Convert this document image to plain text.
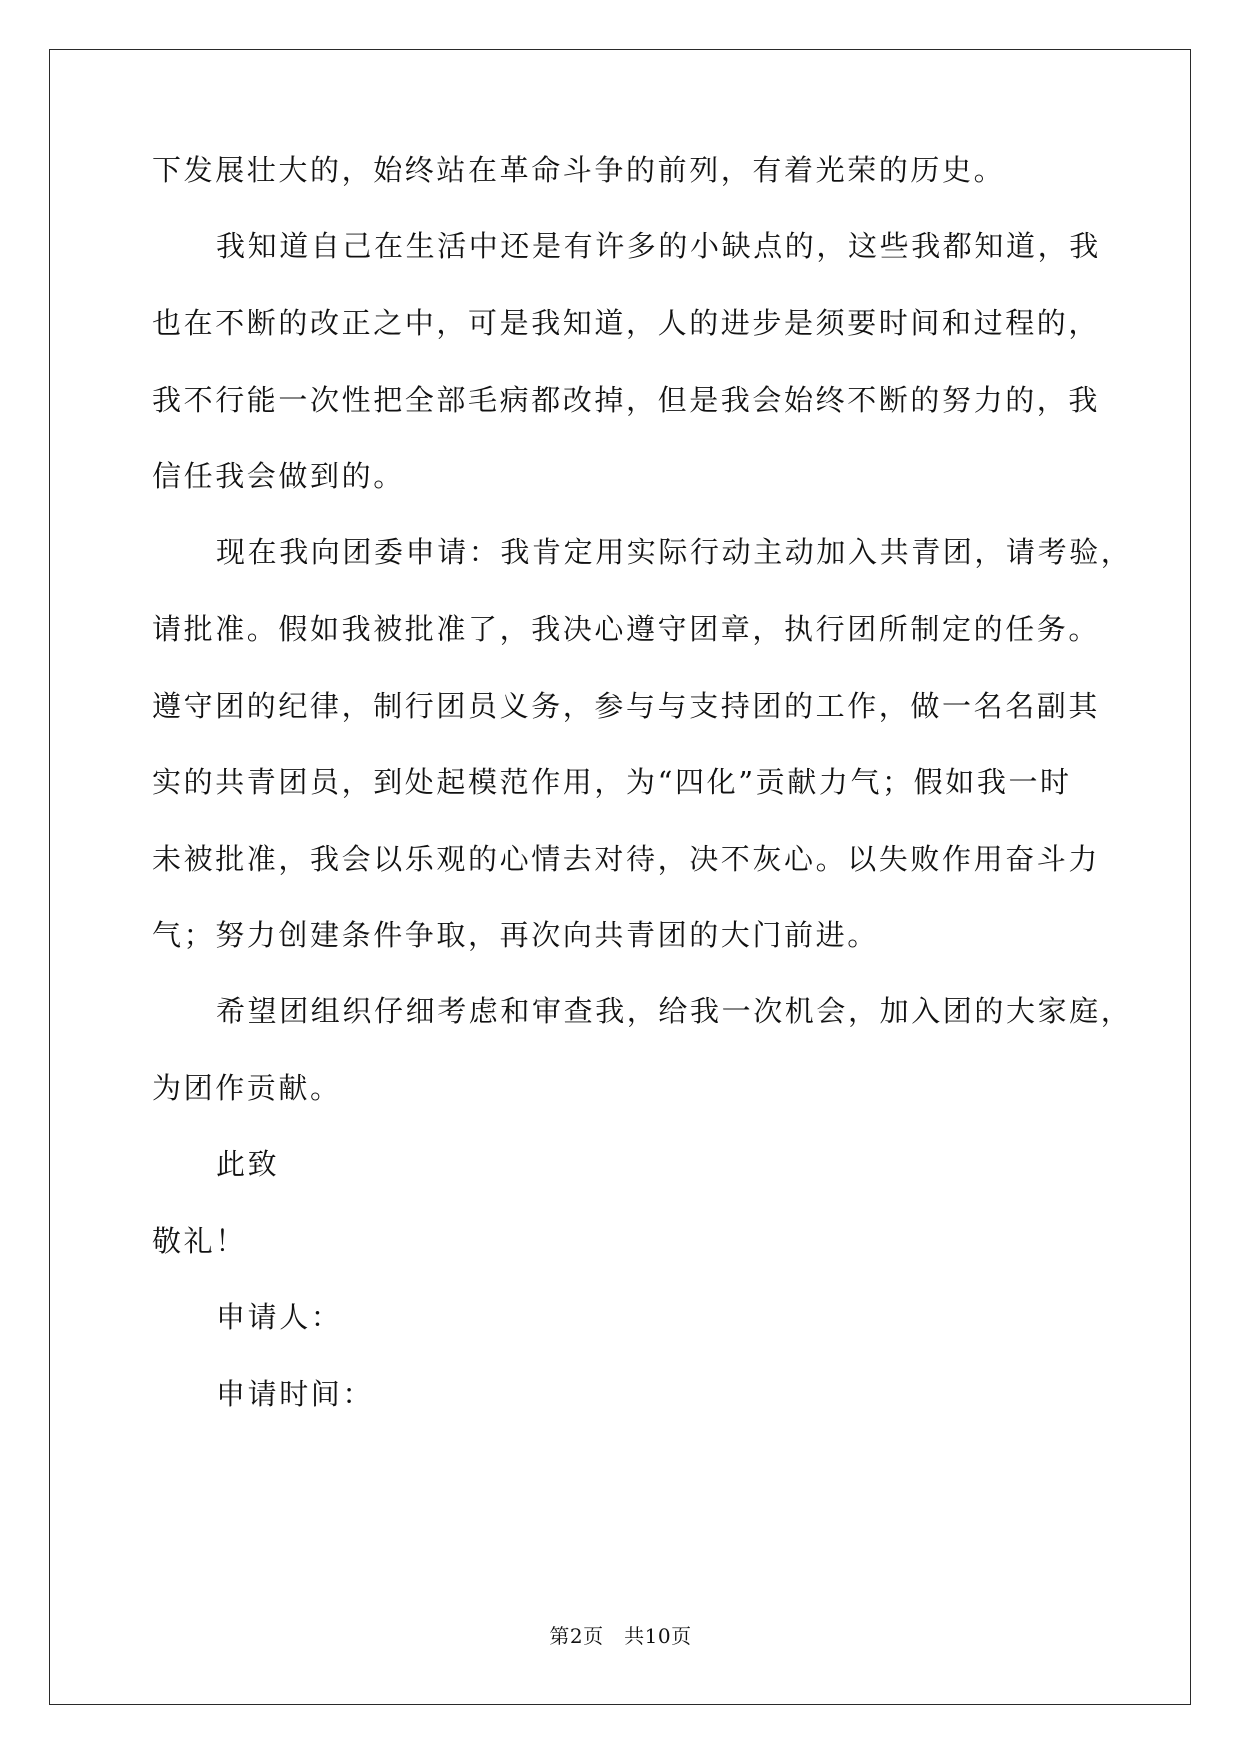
下发展壮大的，始终站在革命斗争的前列，有着光荣的历史。
我知道自己在生活中还是有许多的小缺点的，这些我都知道，我
也在不断的改正之中，可是我知道，人的进步是须要时间和过程的，
我不行能一次性把全部毛病都改掉，但是我会始终不断的努力的，我
信任我会做到的。
现在我向团委申请：我肯定用实际行动主动加入共青团，请考验，
请批准。假如我被批准了，我决心遵守团章，执行团所制定的任务。
遵守团的纪律，制行团员义务，参与与支持团的工作，做一名名副其
实的共青团员，到处起模范作用，为“四化”贡献力气；假如我一时
未被批准，我会以乐观的心情去对待，决不灰心。以失败作用奋斗力
气；努力创建条件争取，再次向共青团的大门前进。
希望团组织仔细考虑和审查我，给我一次机会，加入团的大家庭，
为团作贡献。
此致
敬礼！
申请人：
申请时间：
第2页　共10页
